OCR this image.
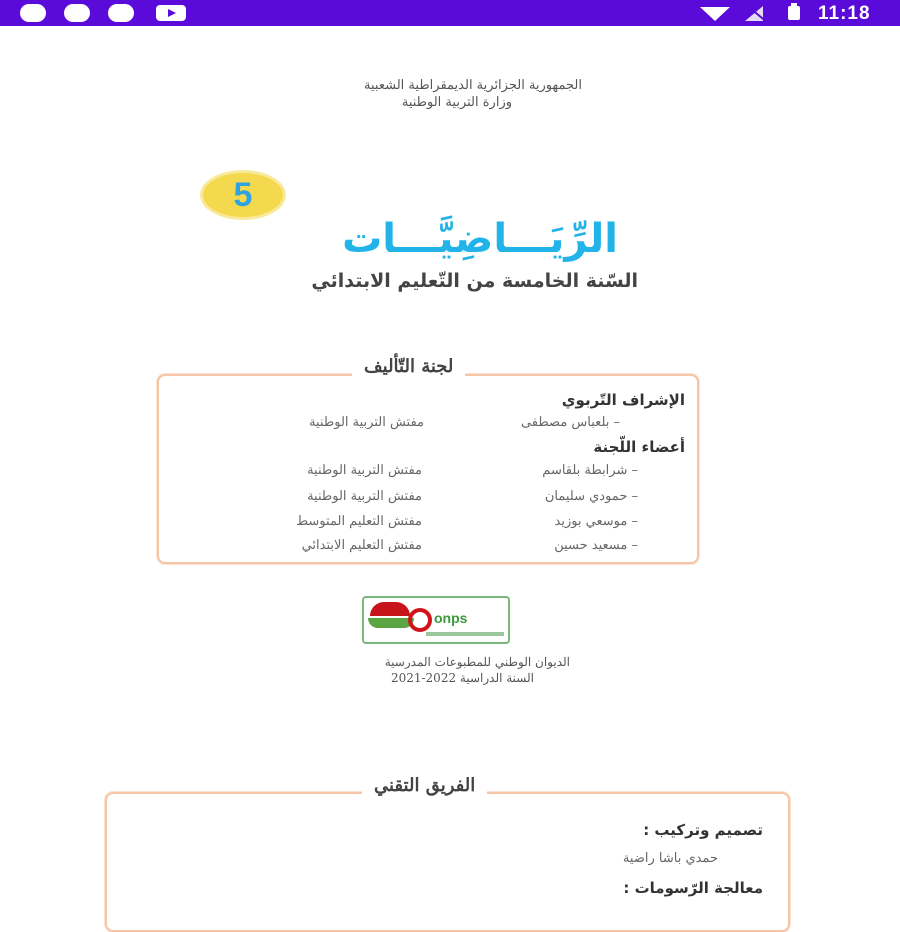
11:18
الجمهورية الجزائرية الديمقراطية الشعبية
وزارة التربية الوطنية
5
الرِّيَـــاضِيَّـــات
السّنة الخامسة من التّعليم الابتدائي
لجنة التّأليف
الإشراف التّربوي
– بلعباس مصطفى
مفتش التربية الوطنية
أعضاء اللّجنة
– شرابطة بلقاسم
مفتش التربية الوطنية
– حمودي سليمان
مفتش التربية الوطنية
– موسعي بوزيد
مفتش التعليم المتوسط
– مسعيد حسين
مفتش التعليم الابتدائي
onps
الديوان الوطني للمطبوعات المدرسية
السنة الدراسية 2022-2021
الفريق التقني
تصميم وتركيب :
حمدي باشا راضية
معالجة الرّسومات :
